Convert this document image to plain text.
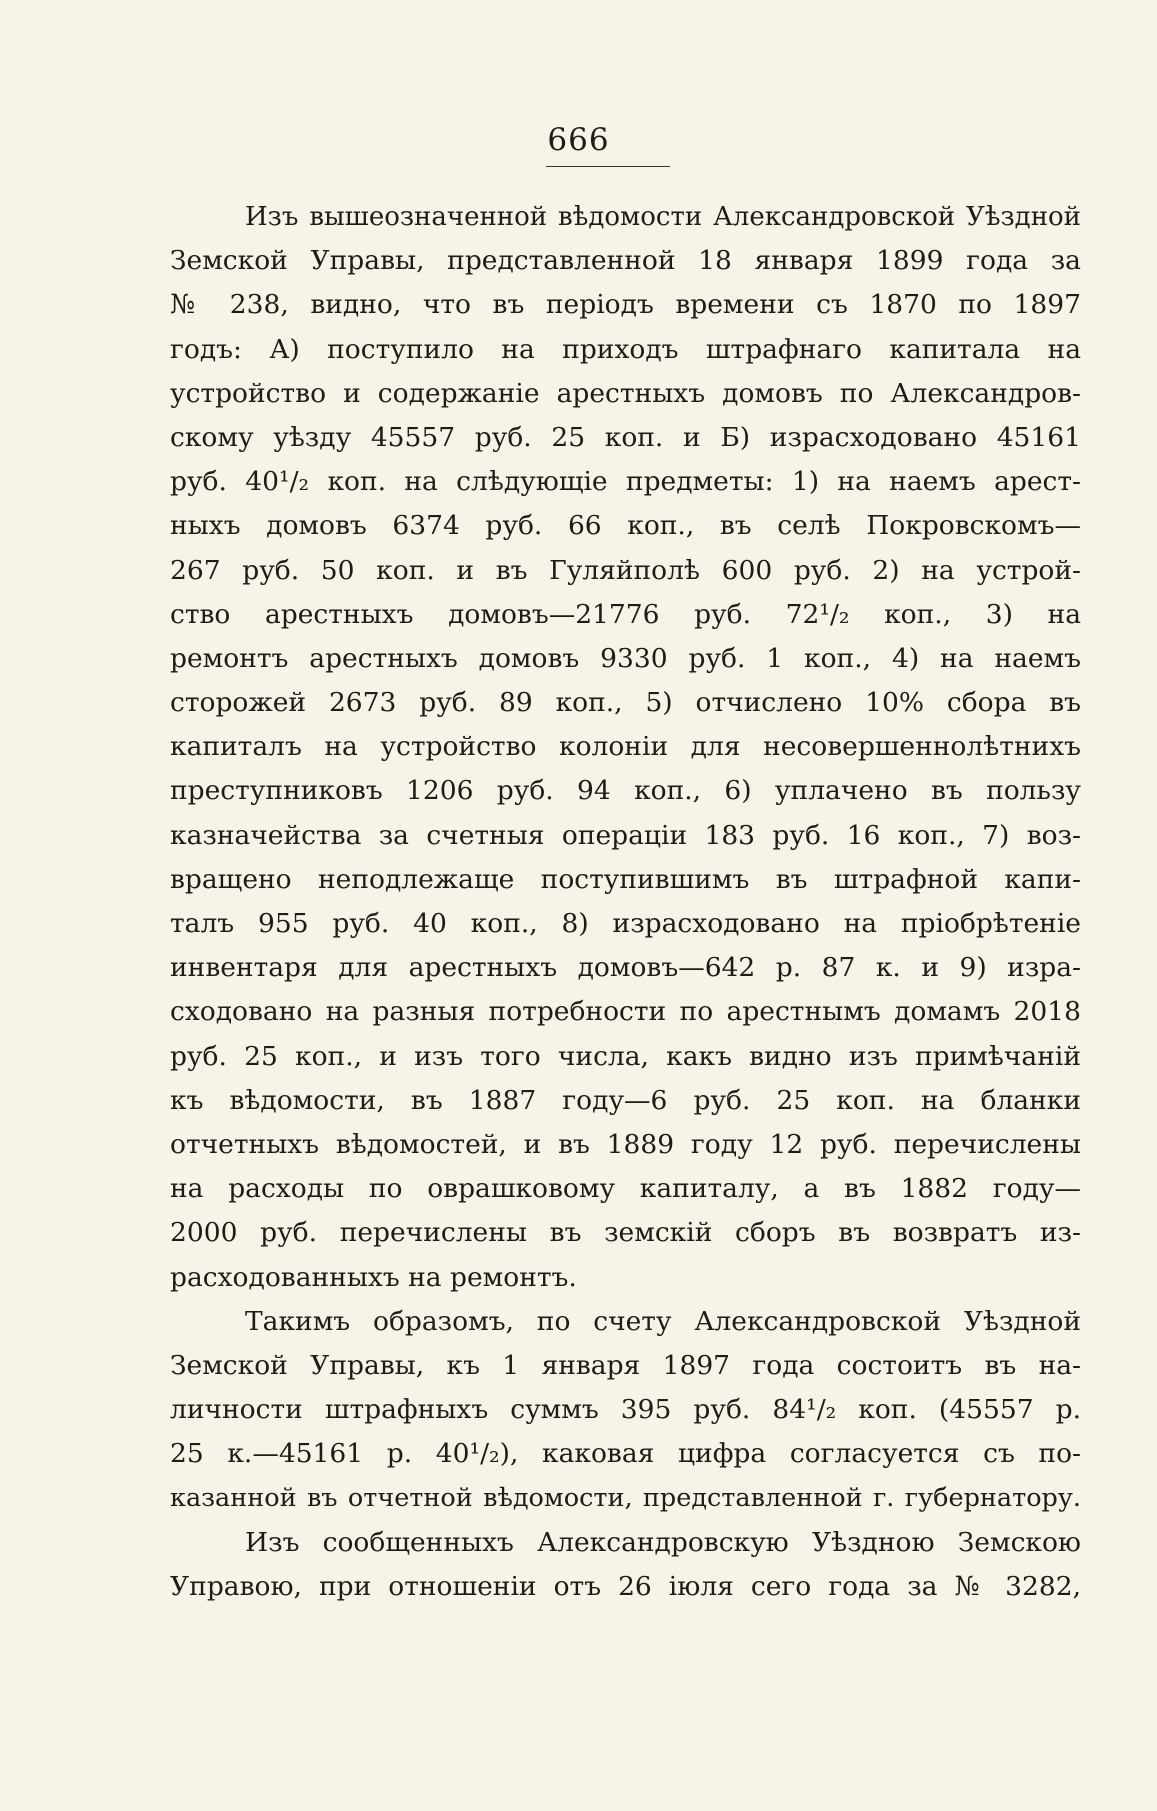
666
Изъ вышеозначенной вѣдомости Александровской Уѣздной
Земской Управы, представленной 18 января 1899 года за
№ 238, видно, что въ періодъ времени съ 1870 по 1897
годъ: А) поступило на приходъ штрафнаго капитала на
устройство и содержаніе арестныхъ домовъ по Александров-
скому уѣзду 45557 руб. 25 коп. и Б) израсходовано 45161
руб. 40¹/₂ коп. на слѣдующіе предметы: 1) на наемъ арест-
ныхъ домовъ 6374 руб. 66 коп., въ селѣ Покровскомъ—
267 руб. 50 коп. и въ Гуляйполѣ 600 руб. 2) на устрой-
ство арестныхъ домовъ—21776 руб. 72¹/₂ коп., 3) на
ремонтъ арестныхъ домовъ 9330 руб. 1 коп., 4) на наемъ
сторожей 2673 руб. 89 коп., 5) отчислено 10% сбора въ
капиталъ на устройство колоніи для несовершеннолѣтнихъ
преступниковъ 1206 руб. 94 коп., 6) уплачено въ пользу
казначейства за счетныя операціи 183 руб. 16 коп., 7) воз-
вращено неподлежаще поступившимъ въ штрафной капи-
талъ 955 руб. 40 коп., 8) израсходовано на пріобрѣтеніе
инвентаря для арестныхъ домовъ—642 р. 87 к. и 9) изра-
сходовано на разныя потребности по арестнымъ домамъ 2018
руб. 25 коп., и изъ того числа, какъ видно изъ примѣчаній
къ вѣдомости, въ 1887 году—6 руб. 25 коп. на бланки
отчетныхъ вѣдомостей, и въ 1889 году 12 руб. перечислены
на расходы по оврашковому капиталу, а въ 1882 году—
2000 руб. перечислены въ земскій сборъ въ возвратъ из-
расходованныхъ на ремонтъ.
Такимъ образомъ, по счету Александровской Уѣздной
Земской Управы, къ 1 января 1897 года состоитъ въ на-
личности штрафныхъ суммъ 395 руб. 84¹/₂ коп. (45557 р.
25 к.—45161 р. 40¹/₂), каковая цифра согласуется съ по-
казанной въ отчетной вѣдомости, представленной г. губернатору.
Изъ сообщенныхъ Александровскую Уѣздною Земскою
Управою, при отношеніи отъ 26 іюля сего года за № 3282,
